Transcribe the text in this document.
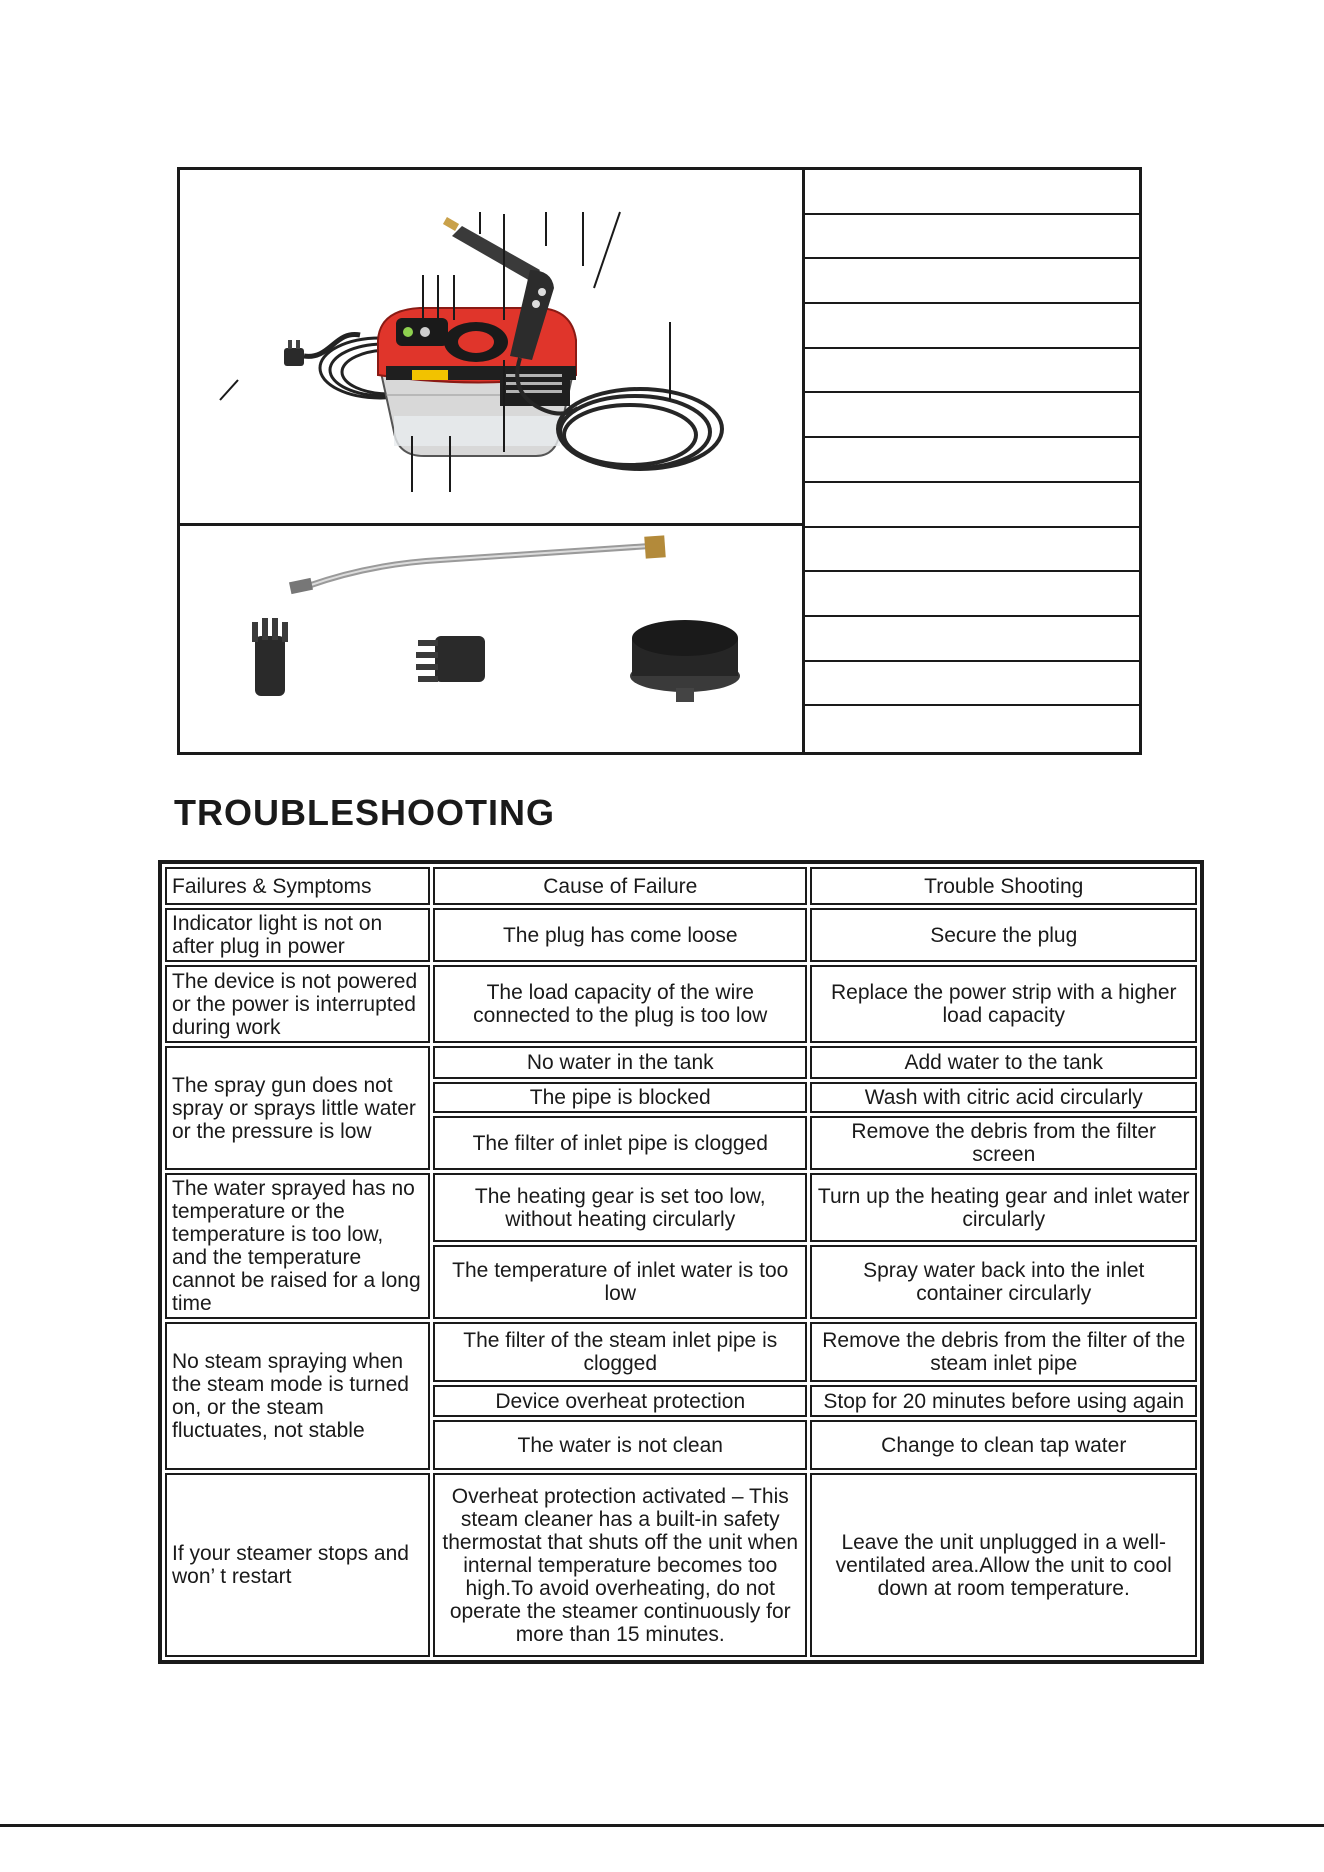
TROUBLESHOOTING
Failures & Symptoms	Cause of Failure	Trouble Shooting
Indicator light is not on after plug in power	The plug has come loose	Secure the plug
The device is not powered or the power is interrupted during work	The load capacity of the wire connected to the plug is too low	Replace the power strip with a higher load capacity
The spray gun does not spray or sprays little water or the pressure is low	No water in the tank	Add water to the tank
	The pipe is blocked	Wash with citric acid circularly
	The filter of inlet pipe is clogged	Remove the debris from the filter screen
The water sprayed has no temperature or the temperature is too low, and the temperature cannot be raised for a long time	The heating gear is set too low, without heating circularly	Turn up the heating gear and inlet water circularly
	The temperature of inlet water is too low	Spray water back into the inlet container circularly
No steam spraying when the steam mode is turned on, or the steam fluctuates, not stable	The filter of the steam inlet pipe is clogged	Remove the debris from the filter of the steam inlet pipe
	Device overheat protection	Stop for 20 minutes before using again
	The water is not clean	Change to clean tap water
If your steamer stops and won’ t restart	Overheat protection activated – This steam cleaner has a built-in safety thermostat that shuts off the unit when internal temperature becomes too high.To avoid overheating, do not operate the steamer continuously for more than 15 minutes.	Leave the unit unplugged in a well-ventilated area.Allow the unit to cool down at room temperature.
